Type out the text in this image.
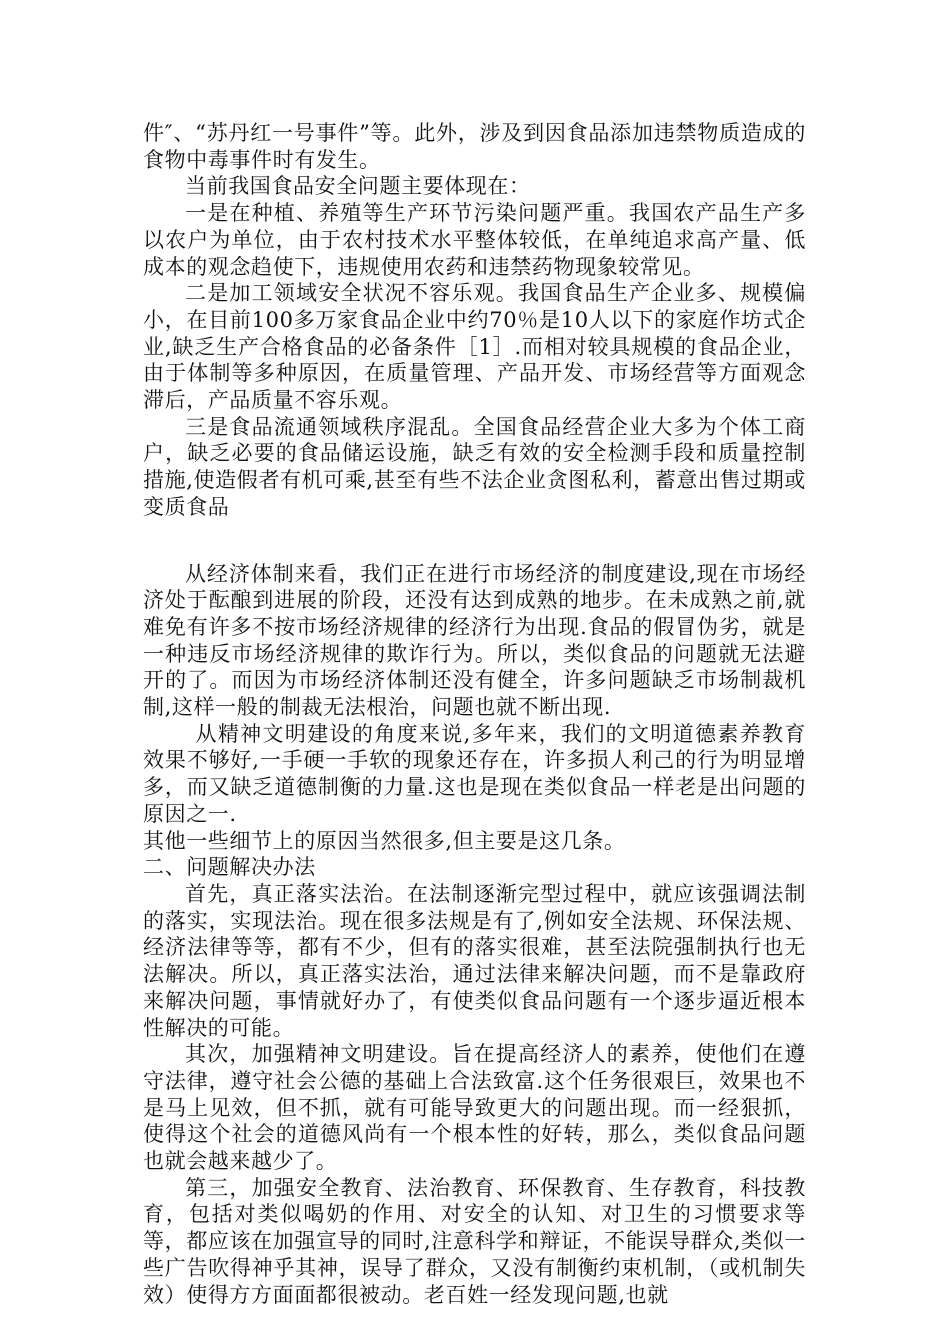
件″、“苏丹红一号事件”等。此外，涉及到因食品添加违禁物质造成的食物中毒事件时有发生。

当前我国食品安全问题主要体现在：

一是在种植、养殖等生产环节污染问题严重。我国农产品生产多以农户为单位，由于农村技术水平整体较低，在单纯追求高产量、低成本的观念趋使下，违规使用农药和违禁药物现象较常见。

二是加工领域安全状况不容乐观。我国食品生产企业多、规模偏小，在目前100多万家食品企业中约70％是10人以下的家庭作坊式企业,缺乏生产合格食品的必备条件［1］.而相对较具规模的食品企业，由于体制等多种原因，在质量管理、产品开发、市场经营等方面观念滞后，产品质量不容乐观。

三是食品流通领域秩序混乱。全国食品经营企业大多为个体工商户，缺乏必要的食品储运设施，缺乏有效的安全检测手段和质量控制措施,使造假者有机可乘,甚至有些不法企业贪图私利，蓄意出售过期或变质食品

从经济体制来看，我们正在进行市场经济的制度建设,现在市场经济处于酝酿到进展的阶段，还没有达到成熟的地步。在未成熟之前,就难免有许多不按市场经济规律的经济行为出现.食品的假冒伪劣，就是一种违反市场经济规律的欺诈行为。所以，类似食品的问题就无法避开的了。而因为市场经济体制还没有健全，许多问题缺乏市场制裁机制,这样一般的制裁无法根治，问题也就不断出现.

从精神文明建设的角度来说,多年来，我们的文明道德素养教育效果不够好,一手硬一手软的现象还存在，许多损人利己的行为明显增多，而又缺乏道德制衡的力量.这也是现在类似食品一样老是出问题的原因之一.

其他一些细节上的原因当然很多,但主要是这几条。

二、问题解决办法

首先，真正落实法治。在法制逐渐完型过程中，就应该强调法制的落实，实现法治。现在很多法规是有了,例如安全法规、环保法规、经济法律等等，都有不少，但有的落实很难，甚至法院强制执行也无法解决。所以，真正落实法治，通过法律来解决问题，而不是靠政府来解决问题，事情就好办了，有使类似食品问题有一个逐步逼近根本性解决的可能。

其次，加强精神文明建设。旨在提高经济人的素养，使他们在遵守法律，遵守社会公德的基础上合法致富.这个任务很艰巨，效果也不是马上见效，但不抓，就有可能导致更大的问题出现。而一经狠抓，使得这个社会的道德风尚有一个根本性的好转，那么，类似食品问题也就会越来越少了。

第三，加强安全教育、法治教育、环保教育、生存教育，科技教育，包括对类似喝奶的作用、对安全的认知、对卫生的习惯要求等等，都应该在加强宣导的同时,注意科学和辩证，不能误导群众,类似一些广告吹得神乎其神，误导了群众，又没有制衡约束机制，（或机制失效）使得方方面面都很被动。老百姓一经发现问题,也就
